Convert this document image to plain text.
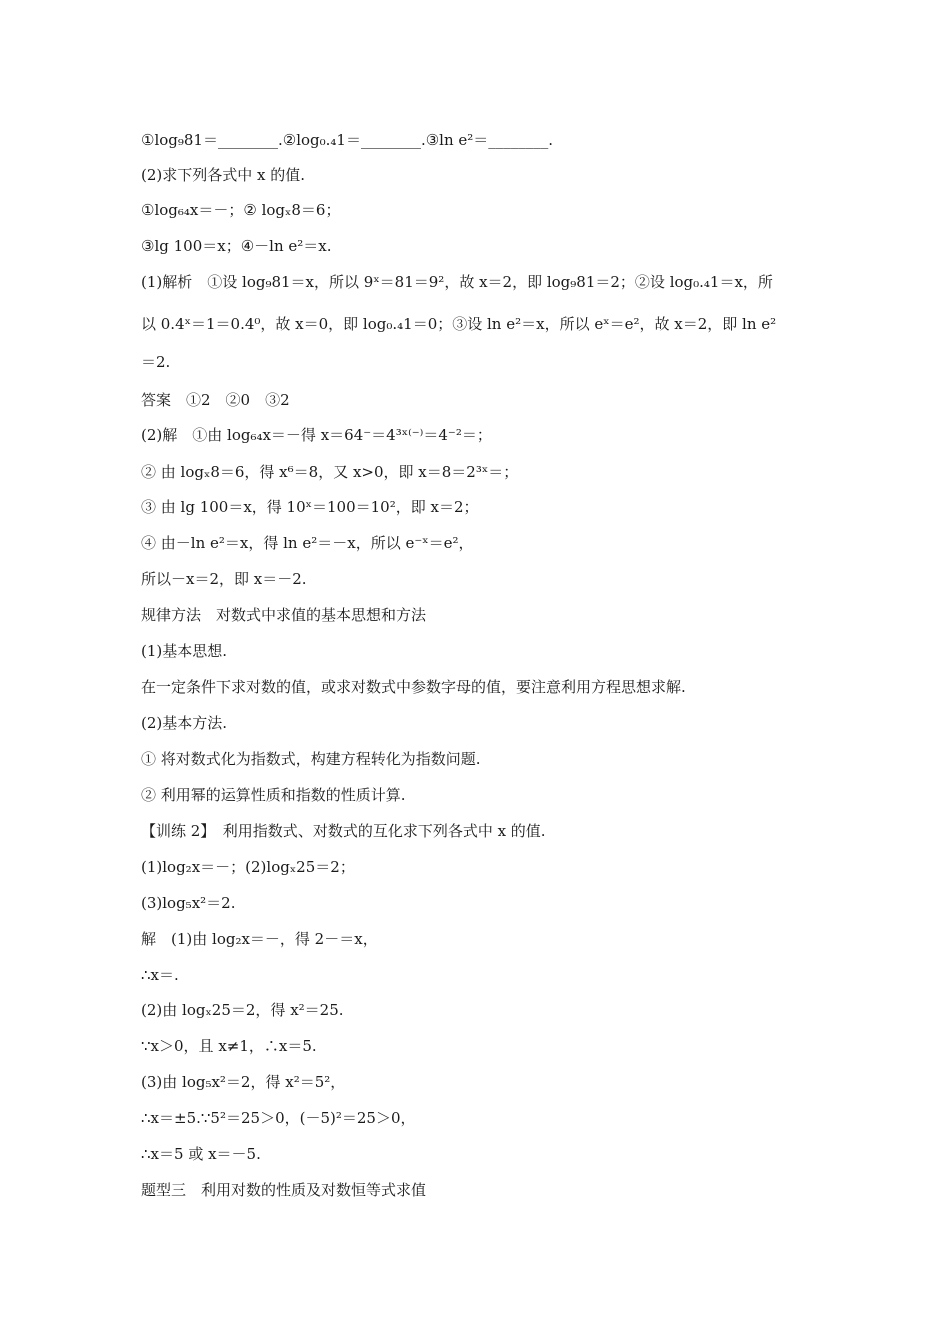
①log₉81＝________.②log₀.₄1＝________.③ln e²＝________.
(2)求下列各式中 x 的值.
①log₆₄x＝－；② logₓ8＝6；
③lg 100＝x；④－ln e²＝x.
(1)解析　①设 log₉81＝x，所以 9ˣ＝81＝9²，故 x＝2，即 log₉81＝2；②设 log₀.₄1＝x，所
以 0.4ˣ＝1＝0.4⁰，故 x＝0，即 log₀.₄1＝0；③设 ln e²＝x，所以 eˣ＝e²，故 x＝2，即 ln e²
＝2.
答案　①2　②0　③2
(2)解　①由 log₆₄x＝－得 x＝64⁻＝4³ˣ⁽⁻⁾＝4⁻²＝；
② 由 logₓ8＝6，得 x⁶＝8，又 x>0，即 x＝8＝2³ˣ＝；
③ 由 lg 100＝x，得 10ˣ＝100＝10²，即 x＝2；
④ 由－ln e²＝x，得 ln e²＝－x，所以 e⁻ˣ＝e²，
所以－x＝2，即 x＝－2.
规律方法　对数式中求值的基本思想和方法
(1)基本思想.
在一定条件下求对数的值，或求对数式中参数字母的值，要注意利用方程思想求解.
(2)基本方法.
① 将对数式化为指数式，构建方程转化为指数问题.
② 利用幂的运算性质和指数的性质计算.
【训练 2】　利用指数式、对数式的互化求下列各式中 x 的值.
(1)log₂x＝－；(2)logₓ25＝2；
(3)log₅x²＝2.
解　(1)由 log₂x＝－，得 2－＝x，
∴x＝.
(2)由 logₓ25＝2，得 x²＝25.
∵x＞0，且 x≠1，∴x＝5.
(3)由 log₅x²＝2，得 x²＝5²，
∴x＝±5.∵5²＝25＞0，(－5)²＝25＞0，
∴x＝5 或 x＝－5.
题型三　利用对数的性质及对数恒等式求值
